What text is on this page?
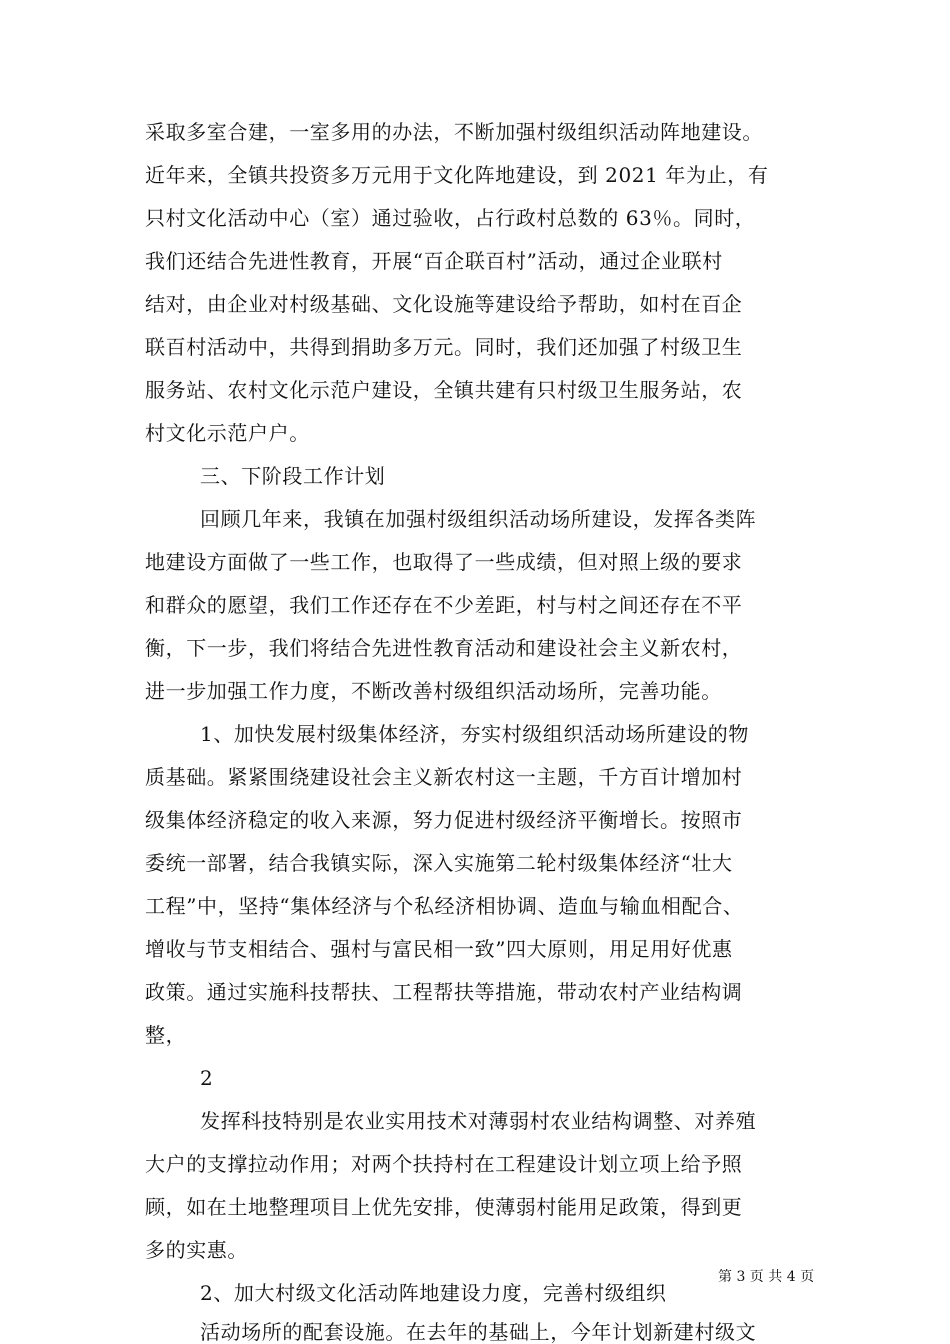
采取多室合建，一室多用的办法，不断加强村级组织活动阵地建设。
近年来，全镇共投资多万元用于文化阵地建设，到 2021 年为止，有
只村文化活动中心（室）通过验收，占行政村总数的 63％。同时，
我们还结合先进性教育，开展“百企联百村”活动，通过企业联村
结对，由企业对村级基础、文化设施等建设给予帮助，如村在百企
联百村活动中，共得到捐助多万元。同时，我们还加强了村级卫生
服务站、农村文化示范户建设，全镇共建有只村级卫生服务站，农
村文化示范户户。
三、下阶段工作计划
回顾几年来，我镇在加强村级组织活动场所建设，发挥各类阵
地建设方面做了一些工作，也取得了一些成绩，但对照上级的要求
和群众的愿望，我们工作还存在不少差距，村与村之间还存在不平
衡，下一步，我们将结合先进性教育活动和建设社会主义新农村，
进一步加强工作力度，不断改善村级组织活动场所，完善功能。
1、加快发展村级集体经济，夯实村级组织活动场所建设的物
质基础。紧紧围绕建设社会主义新农村这一主题，千方百计增加村
级集体经济稳定的收入来源，努力促进村级经济平衡增长。按照市
委统一部署，结合我镇实际，深入实施第二轮村级集体经济“壮大
工程”中，坚持“集体经济与个私经济相协调、造血与输血相配合、
增收与节支相结合、强村与富民相一致”四大原则，用足用好优惠
政策。通过实施科技帮扶、工程帮扶等措施，带动农村产业结构调
整，
2
发挥科技特别是农业实用技术对薄弱村农业结构调整、对养殖
大户的支撑拉动作用；对两个扶持村在工程建设计划立项上给予照
顾，如在土地整理项目上优先安排，使薄弱村能用足政策，得到更
多的实惠。
2、加大村级文化活动阵地建设力度，完善村级组织
活动场所的配套设施。在去年的基础上，今年计划新建村级文
第 3 页 共 4 页
